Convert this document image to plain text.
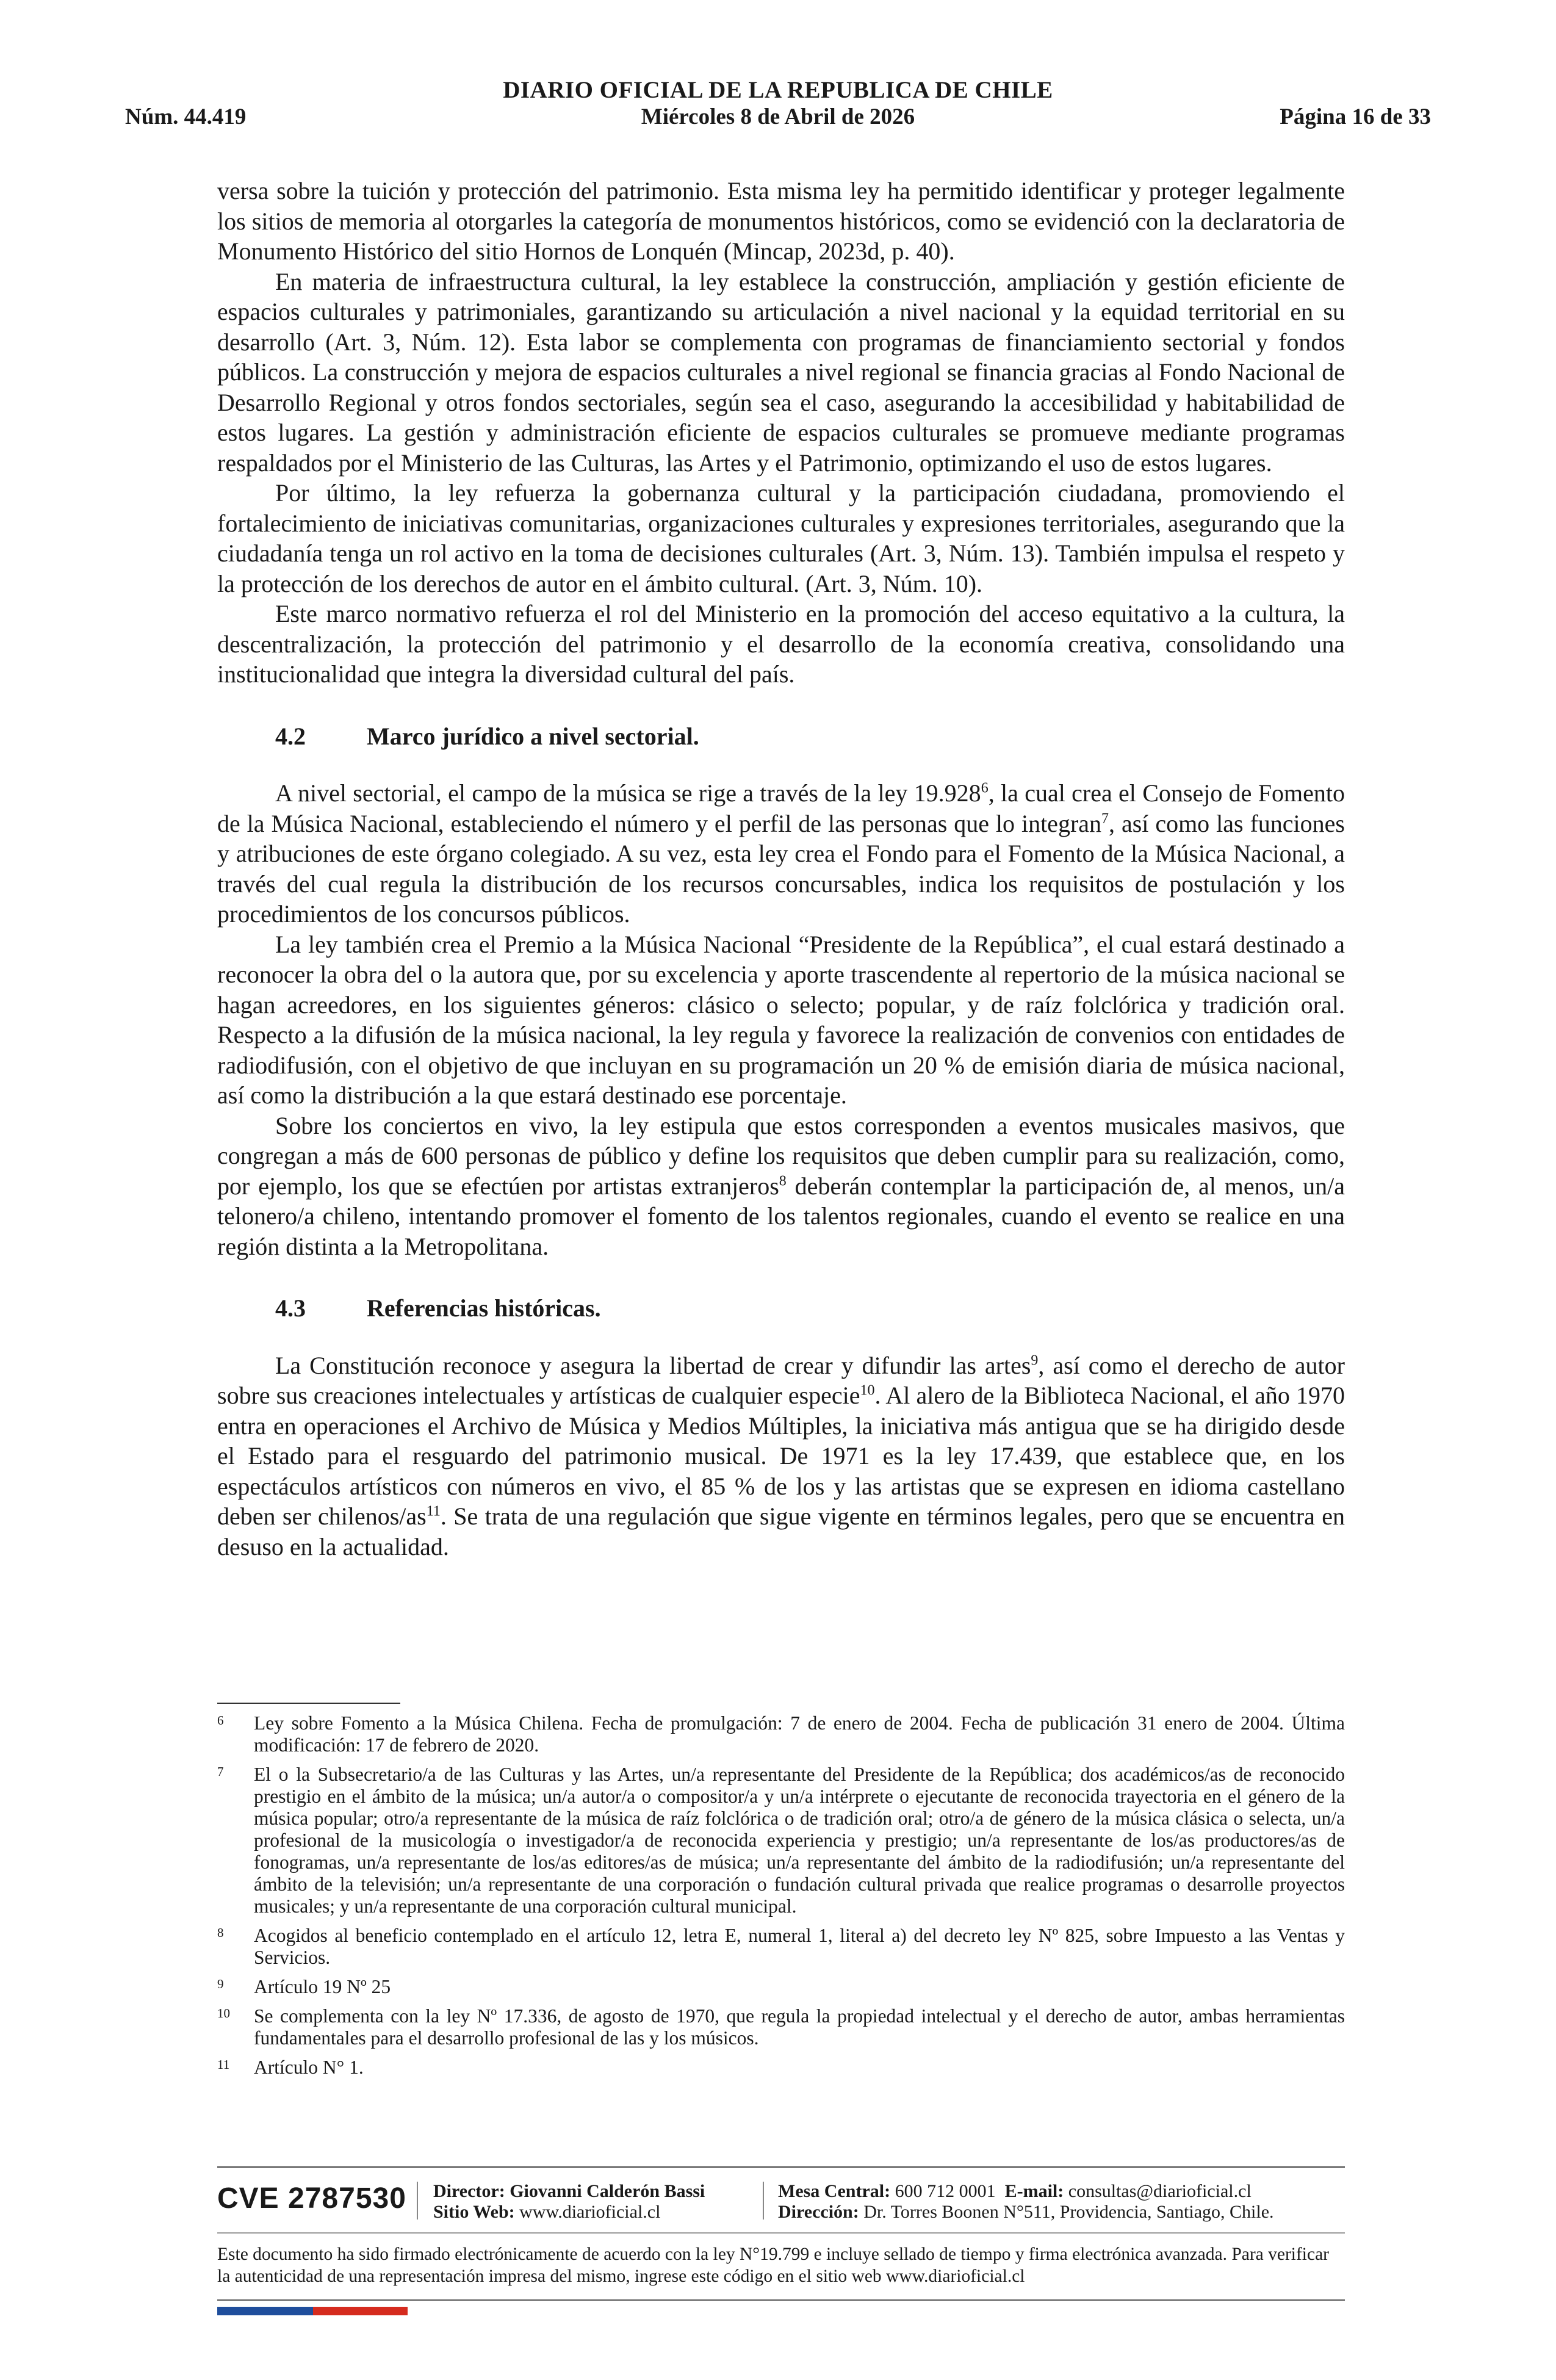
DIARIO OFICIAL DE LA REPUBLICA DE CHILE
Miércoles 8 de Abril de 2026
Núm. 44.419	Página 16 de 33

versa sobre la tuición y protección del patrimonio. Esta misma ley ha permitido identificar y proteger legalmente los sitios de memoria al otorgarles la categoría de monumentos históricos, como se evidenció con la declaratoria de Monumento Histórico del sitio Hornos de Lonquén (Mincap, 2023d, p. 40).

En materia de infraestructura cultural, la ley establece la construcción, ampliación y gestión eficiente de espacios culturales y patrimoniales, garantizando su articulación a nivel nacional y la equidad territorial en su desarrollo (Art. 3, Núm. 12). Esta labor se complementa con programas de financiamiento sectorial y fondos públicos. La construcción y mejora de espacios culturales a nivel regional se financia gracias al Fondo Nacional de Desarrollo Regional y otros fondos sectoriales, según sea el caso, asegurando la accesibilidad y habitabilidad de estos lugares. La gestión y administración eficiente de espacios culturales se promueve mediante programas respaldados por el Ministerio de las Culturas, las Artes y el Patrimonio, optimizando el uso de estos lugares.

Por último, la ley refuerza la gobernanza cultural y la participación ciudadana, promoviendo el fortalecimiento de iniciativas comunitarias, organizaciones culturales y expresiones territoriales, asegurando que la ciudadanía tenga un rol activo en la toma de decisiones culturales (Art. 3, Núm. 13). También impulsa el respeto y la protección de los derechos de autor en el ámbito cultural. (Art. 3, Núm. 10).

Este marco normativo refuerza el rol del Ministerio en la promoción del acceso equitativo a la cultura, la descentralización, la protección del patrimonio y el desarrollo de la economía creativa, consolidando una institucionalidad que integra la diversidad cultural del país.

4.2	Marco jurídico a nivel sectorial.

A nivel sectorial, el campo de la música se rige a través de la ley 19.928$^6$, la cual crea el Consejo de Fomento de la Música Nacional, estableciendo el número y el perfil de las personas que lo integran$^7$, así como las funciones y atribuciones de este órgano colegiado. A su vez, esta ley crea el Fondo para el Fomento de la Música Nacional, a través del cual regula la distribución de los recursos concursables, indica los requisitos de postulación y los procedimientos de los concursos públicos.

La ley también crea el Premio a la Música Nacional “Presidente de la República”, el cual estará destinado a reconocer la obra del o la autora que, por su excelencia y aporte trascendente al repertorio de la música nacional se hagan acreedores, en los siguientes géneros: clásico o selecto; popular, y de raíz folclórica y tradición oral. Respecto a la difusión de la música nacional, la ley regula y favorece la realización de convenios con entidades de radiodifusión, con el objetivo de que incluyan en su programación un 20 % de emisión diaria de música nacional, así como la distribución a la que estará destinado ese porcentaje.

Sobre los conciertos en vivo, la ley estipula que estos corresponden a eventos musicales masivos, que congregan a más de 600 personas de público y define los requisitos que deben cumplir para su realización, como, por ejemplo, los que se efectúen por artistas extranjeros$^8$ deberán contemplar la participación de, al menos, un/a telonero/a chileno, intentando promover el fomento de los talentos regionales, cuando el evento se realice en una región distinta a la Metropolitana.

4.3	Referencias históricas.

La Constitución reconoce y asegura la libertad de crear y difundir las artes$^9$, así como el derecho de autor sobre sus creaciones intelectuales y artísticas de cualquier especie$^{10}$. Al alero de la Biblioteca Nacional, el año 1970 entra en operaciones el Archivo de Música y Medios Múltiples, la iniciativa más antigua que se ha dirigido desde el Estado para el resguardo del patrimonio musical. De 1971 es la ley 17.439, que establece que, en los espectáculos artísticos con números en vivo, el 85 % de los y las artistas que se expresen en idioma castellano deben ser chilenos/$as^{11}$. Se trata de una regulación que sigue vigente en términos legales, pero que se encuentra en desuso en la actualidad.

6	Ley sobre Fomento a la Música Chilena. Fecha de promulgación: 7 de enero de 2004. Fecha de publicación 31 enero de 2004. Última modificación: 17 de febrero de 2020.
7	El o la Subsecretario/a de las Culturas y las Artes, un/a representante del Presidente de la República; dos académicos/as de reconocido prestigio en el ámbito de la música; un/a autor/a o compositor/a y un/a intérprete o ejecutante de reconocida trayectoria en el género de la música popular; otro/a representante de la música de raíz folclórica o de tradición oral; otro/a de género de la música clásica o selecta, un/a profesional de la musicología o investigador/a de reconocida experiencia y prestigio; un/a representante de los/as productores/as de fonogramas, un/a representante de los/as editores/as de música; un/a representante del ámbito de la radiodifusión; un/a representante del ámbito de la televisión; un/a representante de una corporación o fundación cultural privada que realice programas o desarrolle proyectos musicales; y un/a representante de una corporación cultural municipal.
8	Acogidos al beneficio contemplado en el artículo 12, letra E, numeral 1, literal a) del decreto ley Nº 825, sobre Impuesto a las Ventas y Servicios.
9	Artículo 19 Nº 25
10	Se complementa con la ley Nº 17.336, de agosto de 1970, que regula la propiedad intelectual y el derecho de autor, ambas herramientas fundamentales para el desarrollo profesional de las y los músicos.
11	Artículo N° 1.
CVE 2787530 Director: Giovanni Calderón Bassi
Sitio Web: www.diarioficial.cl
Mesa Central: 600 712 0001 E-mail: consultas@diarioficial.cl
Dirección: Dr. Torres Boonen N°511, Providencia, Santiago, Chile.
Este documento ha sido firmado electrónicamente de acuerdo con la ley N°19.799 e incluye sellado de tiempo y firma electrónica avanzada. Para verificar la autenticidad de una representación impresa del mismo, ingrese este código en el sitio web www.diarioficial.cl
